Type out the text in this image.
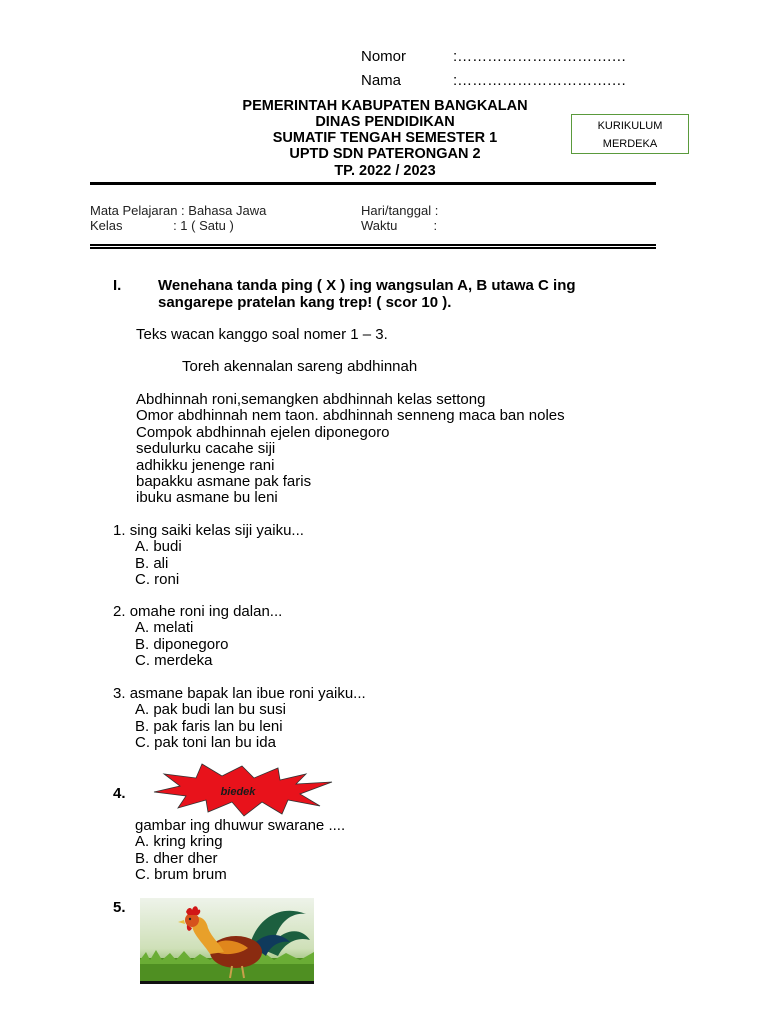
Nomor	:………………………….…
Nama	:………………………….…
PEMERINTAH KABUPATEN BANGKALAN
DINAS PENDIDIKAN
SUMATIF TENGAH SEMESTER 1
UPTD SDN PATERONGAN 2
TP. 2022 / 2023
KURIKULUM
MERDEKA
Mata Pelajaran : Bahasa Jawa
Kelas              : 1 ( Satu )
Hari/tanggal :
Waktu          :
I. Wenehana tanda ping ( X ) ing wangsulan A, B utawa C ing
sangarepe pratelan kang trep! ( scor 10 ).
Teks wacan kanggo soal nomer 1 – 3.
Toreh akennalan sareng abdhinnah
Abdhinnah roni,semangken abdhinnah kelas settong
Omor abdhinnah nem taon. abdhinnah senneng maca ban noles
Compok abdhinnah ejelen diponegoro
sedulurku cacahe siji
adhikku jenenge rani
bapakku asmane pak faris
ibuku asmane bu leni
1. sing saiki kelas siji yaiku...
A. budi
B. ali
C. roni
2. omahe roni ing dalan...
A. melati
B. diponegoro
C. merdeka
3. asmane bapak lan ibue roni yaiku...
A. pak budi lan bu susi
B. pak faris lan bu leni
C. pak toni lan bu ida
4.	biedek
gambar ing dhuwur swarane ....
A. kring kring
B. dher dher
C. brum brum
5.
